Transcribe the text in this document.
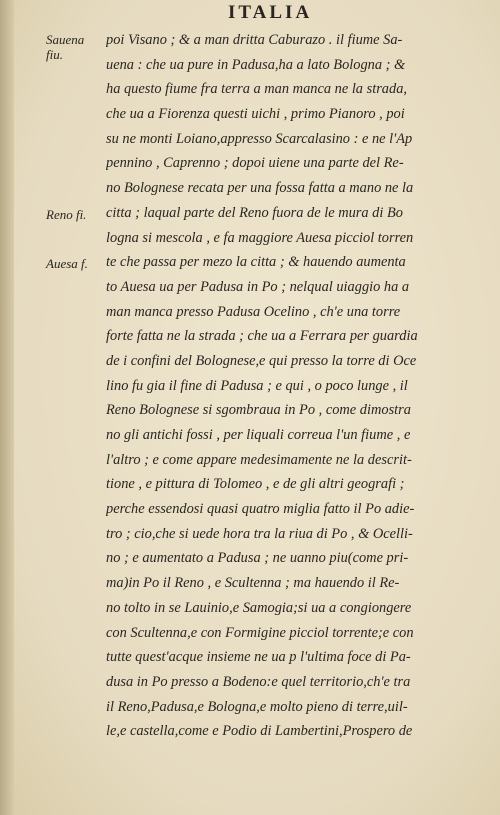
ITALIA
Sauena fiu.
Reno fi.
Auesa f.
poi Visano ; & a man dritta Caburazo . il fiume Sa-
uena : che ua pure in Padusa,ha a lato Bologna ; &
ha questo fiume fra terra a man manca ne la strada,
che ua a Fiorenza questi uichi , primo Pianoro , poi
su ne monti Loiano,appresso Scarcalasino : e ne l'Ap
pennino , Caprenno ; dopoi uiene una parte del Re-
no Bolognese recata per una fossa fatta a mano ne la
citta ; laqual parte del Reno fuora de le mura di Bo
logna si mescola , e fa maggiore Auesa picciol torren
te che passa per mezo la citta ; & hauendo aumenta
to Auesa ua per Padusa in Po ; nelqual uiaggio ha a
man manca presso Padusa Ocelino , ch'e una torre
forte fatta ne la strada ; che ua a Ferrara per guardia
de i confini del Bolognese,e qui presso la torre di Oce
lino fu gia il fine di Padusa ; e qui , o poco lunge , il
Reno Bolognese si sgombraua in Po , come dimostra
no gli antichi fossi , per liquali correua l'un fiume , e
l'altro ; e come appare medesimamente ne la descrit-
tione , e pittura di Tolomeo , e de gli altri geografi ;
perche essendosi quasi quatro miglia fatto il Po adie-
tro ; cio,che si uede hora tra la riua di Po , & Ocelli-
no ; e aumentato a Padusa ; ne uanno piu(come pri-
ma)in Po il Reno , e Scultenna ; ma hauendo il Re-
no tolto in se Lauinio,e Samogia;si ua a congiongere
con Scultenna,e con Formigine picciol torrente;e con
tutte quest'acque insieme ne ua p l'ultima foce di Pa-
dusa in Po presso a Bodeno:e quel territorio,ch'e tra
il Reno,Padusa,e Bologna,e molto pieno di terre,uil-
le,e castella,come e Podio di Lambertini,Prospero de
